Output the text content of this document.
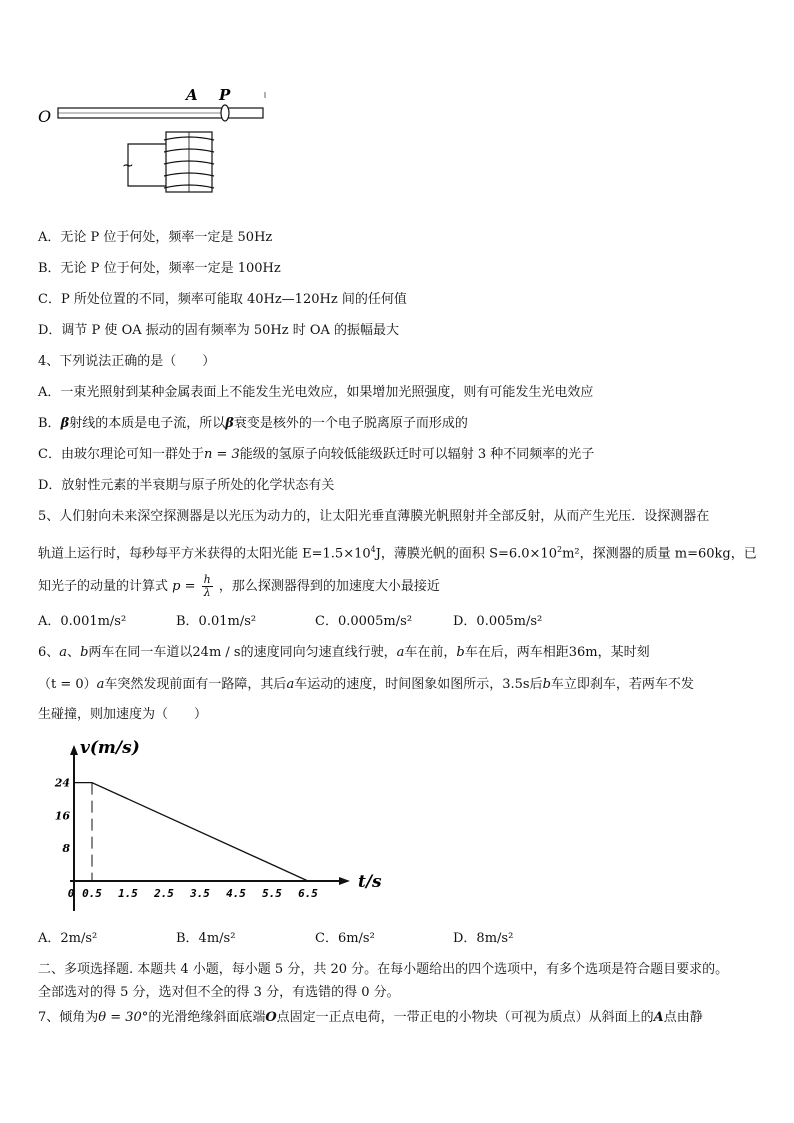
O
A P
~
A．无论 P 位于何处，频率一定是 50Hz
B．无论 P 位于何处，频率一定是 100Hz
C．P 所处位置的不同，频率可能取 40Hz—120Hz 间的任何值
D．调节 P 使 OA 振动的固有频率为 50Hz 时 OA 的振幅最大
4、下列说法正确的是（　　）
A．一束光照射到某种金属表面上不能发生光电效应，如果增加光照强度，则有可能发生光电效应
B．β射线的本质是电子流，所以β衰变是核外的一个电子脱离原子而形成的
C．由玻尔理论可知一群处于n = 3能级的氢原子向较低能级跃迁时可以辐射 3 种不同频率的光子
D．放射性元素的半衰期与原子所处的化学状态有关
5、人们射向未来深空探测器是以光压为动力的，让太阳光垂直薄膜光帆照射并全部反射，从而产生光压．设探测器在
轨道上运行时，每秒每平方米获得的太阳光能 $E=1.5\times 10^4J$，薄膜光帆的面积 $S=6.0\times 10^2m^2$，探测器的质量 m=60kg，已
知光子的动量的计算式 $p = \frac{h}{\lambda}$ ，那么探测器得到的加速度大小最接近
A．0.001m/s²	B．0.01m/s²	C．0.0005m/s²	D．0.005m/s²
6、a、b两车在同一车道以24m / s的速度同向匀速直线行驶，a车在前，b车在后，两车相距36m，某时刻
（t = 0）a车突然发现前面有一路障，其后a车运动的速度，时间图象如图所示，3.5s后b车立即刹车，若两车不发
生碰撞，则加速度为（　　）
v(m/s)
t/s
8
16
24
0 0.5 1.5 2.5 3.5 4.5 5.5 6.5
A．2m/s²	B．4m/s²	C．6m/s²	D．8m/s²
二、多项选择题. 本题共 4 小题，每小题 5 分，共 20 分。在每小题给出的四个选项中，有多个选项是符合题目要求的。
全部选对的得 5 分，选对但不全的得 3 分，有选错的得 0 分。
7、倾角为θ = 30°的光滑绝缘斜面底端O点固定一正点电荷，一带正电的小物块（可视为质点）从斜面上的A点由静
